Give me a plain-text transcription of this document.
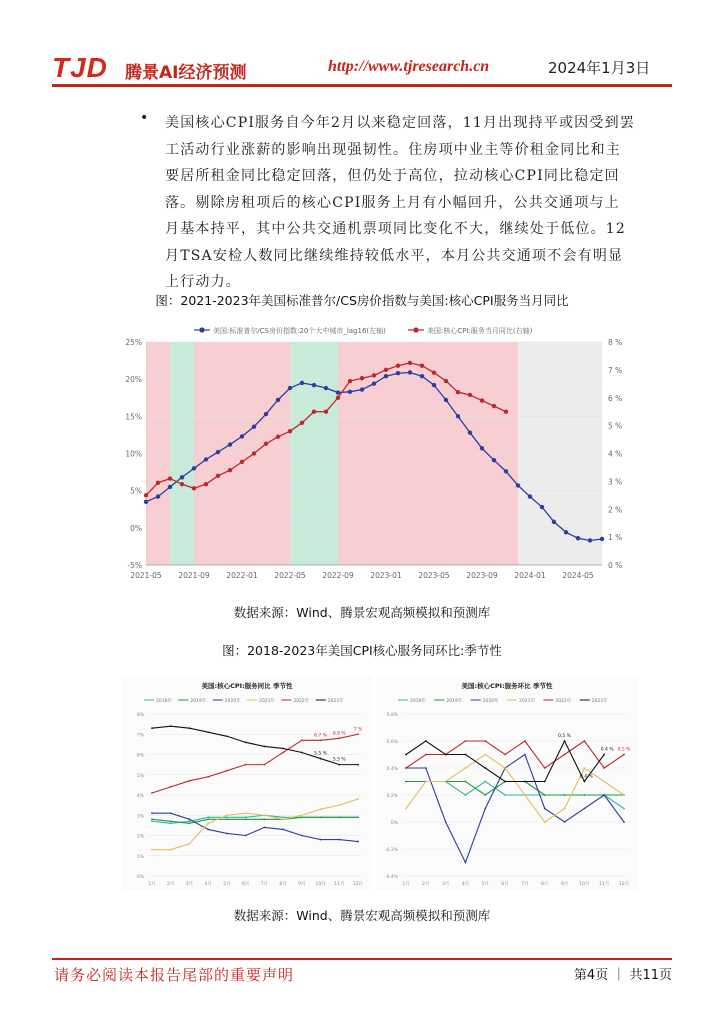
TJD 腾景AI经济预测	http://www.tjresearch.cn	2024年1月3日
• 美国核心CPI服务自今年2月以来稳定回落，11月出现持平或因受到罢工活动行业涨薪的影响出现强韧性。住房项中业主等价租金同比和主要居所租金同比稳定回落，但仍处于高位，拉动核心CPI同比稳定回落。剔除房租项后的核心CPI服务上月有小幅回升，公共交通项与上月基本持平，其中公共交通机票项同比变化不大，继续处于低位。12月TSA安检人数同比继续维持较低水平，本月公共交通项不会有明显上行动力。

图：2021-2023年美国标准普尔/CS房价指数与美国:核心CPI服务当月同比
25%
20%
15%
10%
5%
0%
-5%
8 %
7 %
6 %
5 %
4 %
3 %
2 %
1 %
0 %
2021-05 2021-09 2022-01 2022-05 2022-09 2023-01 2023-05 2023-09 2024-01 2024-05
美国:标准普尔/CS房价指数:20个大中城市_lag16(左轴)	美国:核心CPI:服务当月同比(右轴)
数据来源：Wind、腾景宏观高频模拟和预测库
图：2018-2023年美国CPI核心服务同环比:季节性
美国:核心CPI:服务同比 季节性
2018年	2019年	2020年	2021年	2022年	2023年
8%
7%
6%
5%
4%
3%
2%
1%
0%
1月	2月	3月	4月	5月	6月	7月	8月	9月 10月 11月 12月
6.7 % 6.9 %
7 %
5.5 %
5.5 %
美国:核心CPI:服务环比 季节性
2018年	2019年	2020年	2021年	2022年	2023年
0.8%
0.6%
0.4%
0.2%
0%
-0.2%
-0.4%
1月	2月	3月	4月	5月	6月	7月	8月	9月 10月 11月 12月
0.5 %
0.4 %
0.5 %
0.4 %
数据来源：Wind、腾景宏观高频模拟和预测库
请务必阅读本报告尾部的重要声明	第4页 ｜ 共11页
